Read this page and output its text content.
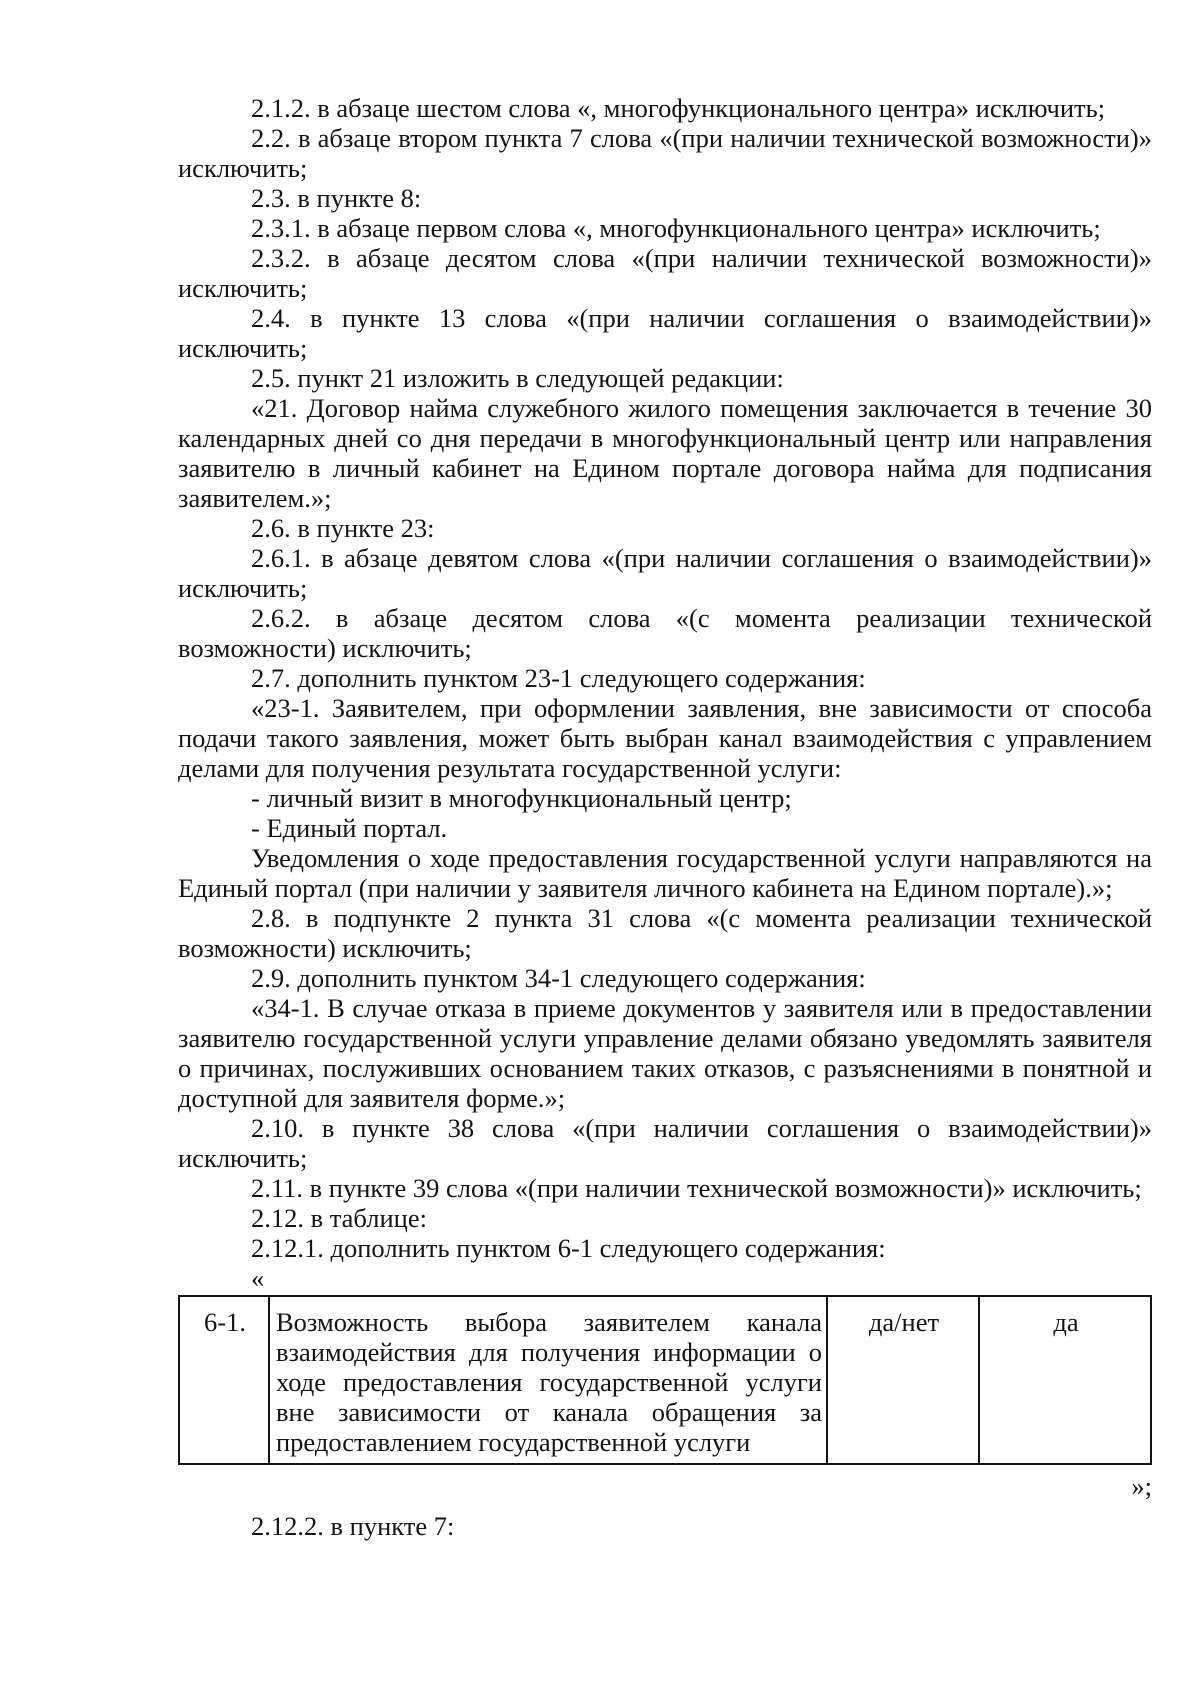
2.1.2. в абзаце шестом слова «, многофункционального центра» исключить;

2.2. в абзаце втором пункта 7 слова «(при наличии технической возможности)» исключить;

2.3. в пункте 8:

2.3.1. в абзаце первом слова «, многофункционального центра» исключить;

2.3.2. в абзаце десятом слова «(при наличии технической возможности)» исключить;

2.4. в пункте 13 слова «(при наличии соглашения о взаимодействии)» исключить;

2.5. пункт 21 изложить в следующей редакции:

«21. Договор найма служебного жилого помещения заключается в течение 30 календарных дней со дня передачи в многофункциональный центр или направления заявителю в личный кабинет на Едином портале договора найма для подписания заявителем.»;

2.6. в пункте 23:

2.6.1. в абзаце девятом слова «(при наличии соглашения о взаимодействии)» исключить;

2.6.2. в абзаце десятом слова «(с момента реализации технической возможности) исключить;

2.7. дополнить пунктом 23-1 следующего содержания:

«23-1. Заявителем, при оформлении заявления, вне зависимости от способа подачи такого заявления, может быть выбран канал взаимодействия с управлением делами для получения результата государственной услуги:

- личный визит в многофункциональный центр;

- Единый портал.

Уведомления о ходе предоставления государственной услуги направляются на Единый портал (при наличии у заявителя личного кабинета на Едином портале).»;

2.8. в подпункте 2 пункта 31 слова «(с момента реализации технической возможности) исключить;

2.9. дополнить пунктом 34-1 следующего содержания:

«34-1. В случае отказа в приеме документов у заявителя или в предоставлении заявителю государственной услуги управление делами обязано уведомлять заявителя о причинах, послуживших основанием таких отказов, с разъяснениями в понятной и доступной для заявителя форме.»;

2.10. в пункте 38 слова «(при наличии соглашения о взаимодействии)» исключить;

2.11. в пункте 39 слова «(при наличии технической возможности)» исключить;

2.12. в таблице:

2.12.1. дополнить пунктом 6-1 следующего содержания:

«

6-1.	Возможность выбора заявителем канала взаимодействия для получения информации о ходе предоставления государственной услуги вне зависимости от канала обращения за предоставлением государственной услуги	да/нет	да
»;

2.12.2. в пункте 7:
